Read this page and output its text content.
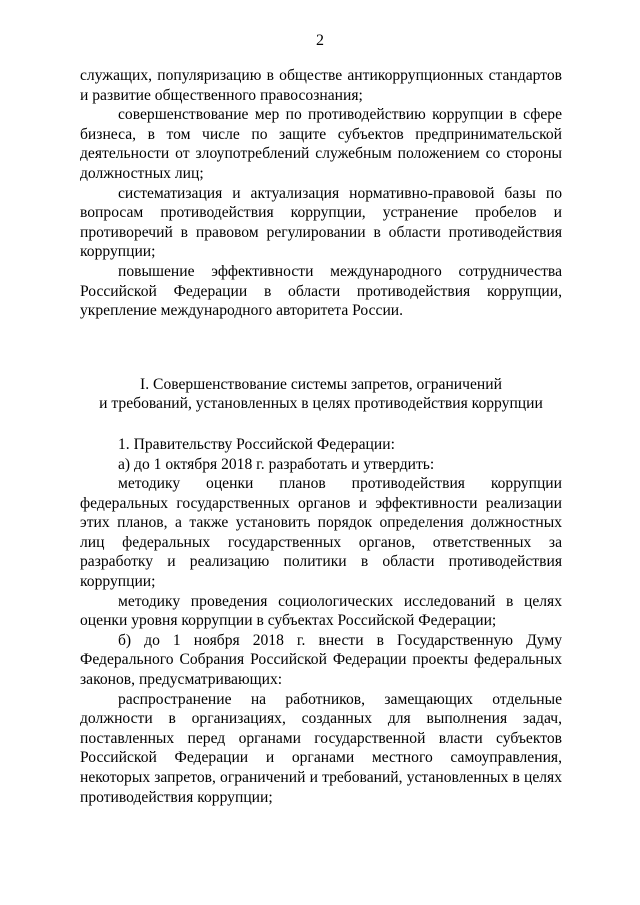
2

служащих, популяризацию в обществе антикоррупционных стандартов и развитие общественного правосознания;

совершенствование мер по противодействию коррупции в сфере бизнеса, в том числе по защите субъектов предпринимательской деятельности от злоупотреблений служебным положением со стороны должностных лиц;

систематизация и актуализация нормативно-правовой базы по вопросам противодействия коррупции, устранение пробелов и противоречий в правовом регулировании в области противодействия коррупции;

повышение эффективности международного сотрудничества Российской Федерации в области противодействия коррупции, укрепление международного авторитета России.

I. Совершенствование системы запретов, ограничений

и требований, установленных в целях противодействия коррупции

1. Правительству Российской Федерации:

а) до 1 октября 2018 г. разработать и утвердить:

методику оценки планов противодействия коррупции федеральных государственных органов и эффективности реализации этих планов, а также установить порядок определения должностных лиц федеральных государственных органов, ответственных за разработку и реализацию политики в области противодействия коррупции;

методику проведения социологических исследований в целях оценки уровня коррупции в субъектах Российской Федерации;

б) до 1 ноября 2018 г. внести в Государственную Думу Федерального Собрания Российской Федерации проекты федеральных законов, предусматривающих:

распространение на работников, замещающих отдельные должности в организациях, созданных для выполнения задач, поставленных перед органами государственной власти субъектов Российской Федерации и органами местного самоуправления, некоторых запретов, ограничений и требований, установленных в целях противодействия коррупции;
